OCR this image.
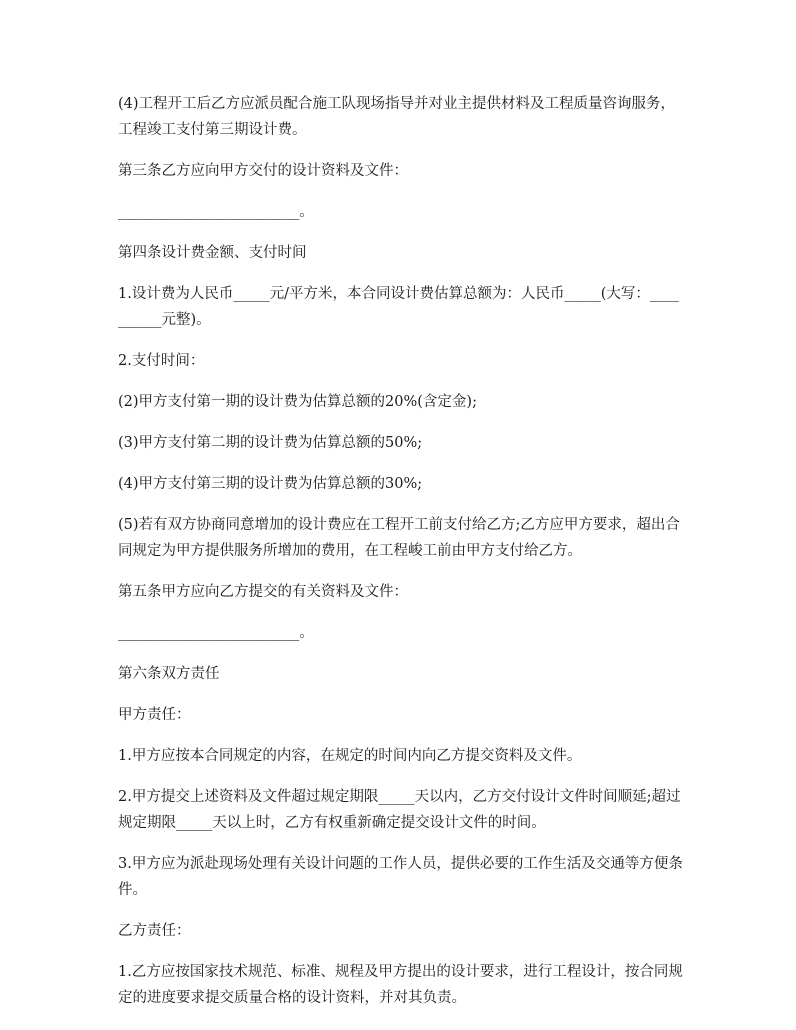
(4)工程开工后乙方应派员配合施工队现场指导并对业主提供材料及工程质量咨询服务，工程竣工支付第三期设计费。

第三条乙方应向甲方交付的设计资料及文件：

_________________________。

第四条设计费金额、支付时间

1.设计费为人民币_____元/平方米，本合同设计费估算总额为：人民币_____(大写：__________元整)。

2.支付时间：

(2)甲方支付第一期的设计费为估算总额的20%(含定金);

(3)甲方支付第二期的设计费为估算总额的50%;

(4)甲方支付第三期的设计费为估算总额的30%;

(5)若有双方协商同意增加的设计费应在工程开工前支付给乙方;乙方应甲方要求，超出合同规定为甲方提供服务所增加的费用，在工程峻工前由甲方支付给乙方。

第五条甲方应向乙方提交的有关资料及文件：

_________________________。

第六条双方责任

甲方责任：

1.甲方应按本合同规定的内容，在规定的时间内向乙方提交资料及文件。

2.甲方提交上述资料及文件超过规定期限_____天以内，乙方交付设计文件时间顺延;超过规定期限_____天以上时，乙方有权重新确定提交设计文件的时间。

3.甲方应为派赴现场处理有关设计问题的工作人员，提供必要的工作生活及交通等方便条件。

乙方责任：

1.乙方应按国家技术规范、标准、规程及甲方提出的设计要求，进行工程设计，按合同规定的进度要求提交质量合格的设计资料，并对其负责。
